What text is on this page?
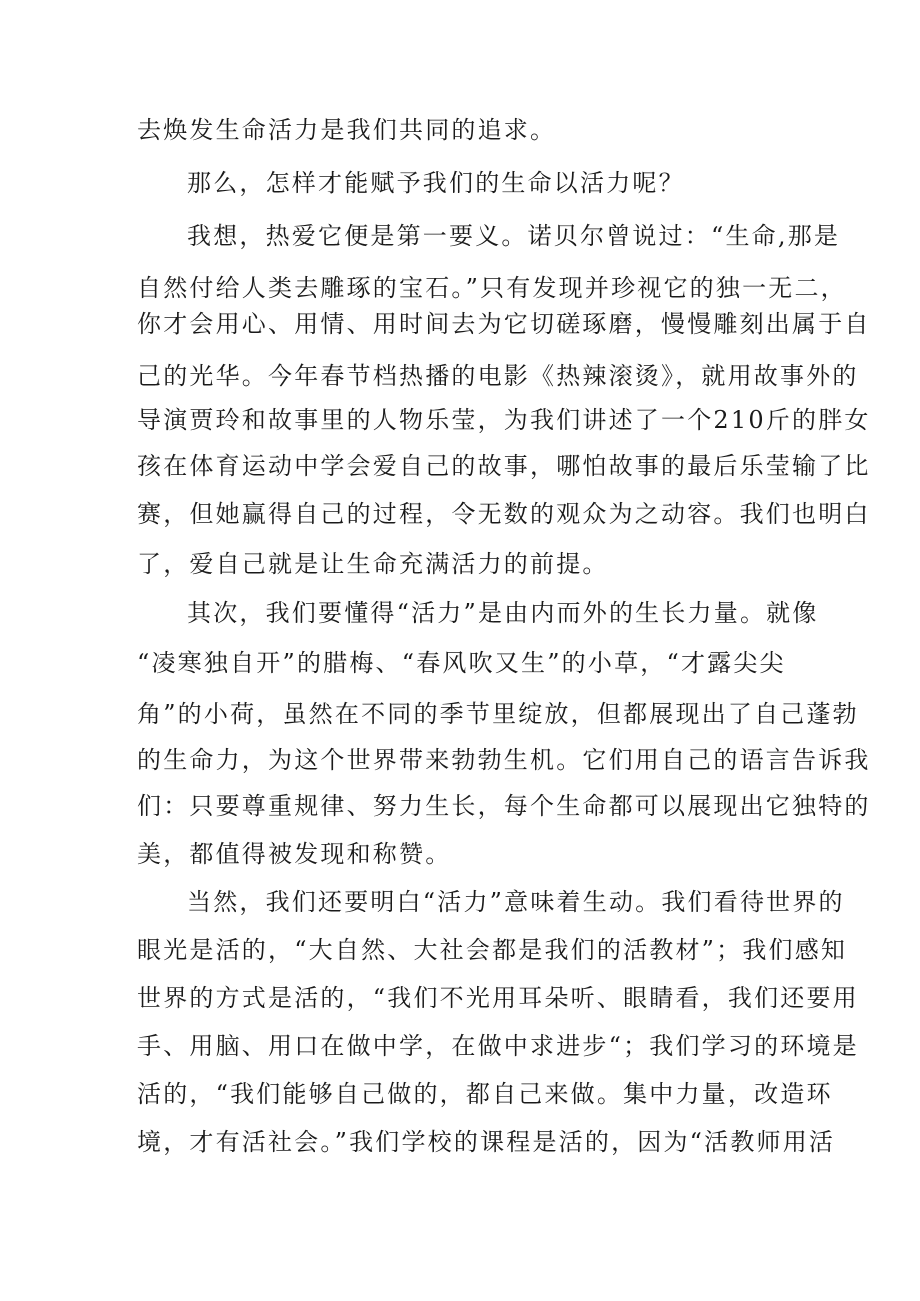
去焕发生命活力是我们共同的追求。
那么，怎样才能赋予我们的生命以活力呢？
我想，热爱它便是第一要义。诺贝尔曾说过：“生命,那是
自然付给人类去雕琢的宝石。”只有发现并珍视它的独一无二，
你才会用心、用情、用时间去为它切磋琢磨，慢慢雕刻出属于自
己的光华。今年春节档热播的电影《热辣滚烫》，就用故事外的
导演贾玲和故事里的人物乐莹，为我们讲述了一个210斤的胖女
孩在体育运动中学会爱自己的故事，哪怕故事的最后乐莹输了比
赛，但她赢得自己的过程，令无数的观众为之动容。我们也明白
了，爱自己就是让生命充满活力的前提。
其次，我们要懂得“活力”是由内而外的生长力量。就像
“凌寒独自开”的腊梅、“春风吹又生”的小草，“才露尖尖
角”的小荷，虽然在不同的季节里绽放，但都展现出了自己蓬勃
的生命力，为这个世界带来勃勃生机。它们用自己的语言告诉我
们：只要尊重规律、努力生长，每个生命都可以展现出它独特的
美，都值得被发现和称赞。
当然，我们还要明白“活力”意味着生动。我们看待世界的
眼光是活的，“大自然、大社会都是我们的活教材”；我们感知
世界的方式是活的，“我们不光用耳朵听、眼睛看，我们还要用
手、用脑、用口在做中学，在做中求进步“；我们学习的环境是
活的，“我们能够自己做的，都自己来做。集中力量，改造环
境，才有活社会。”我们学校的课程是活的，因为“活教师用活
